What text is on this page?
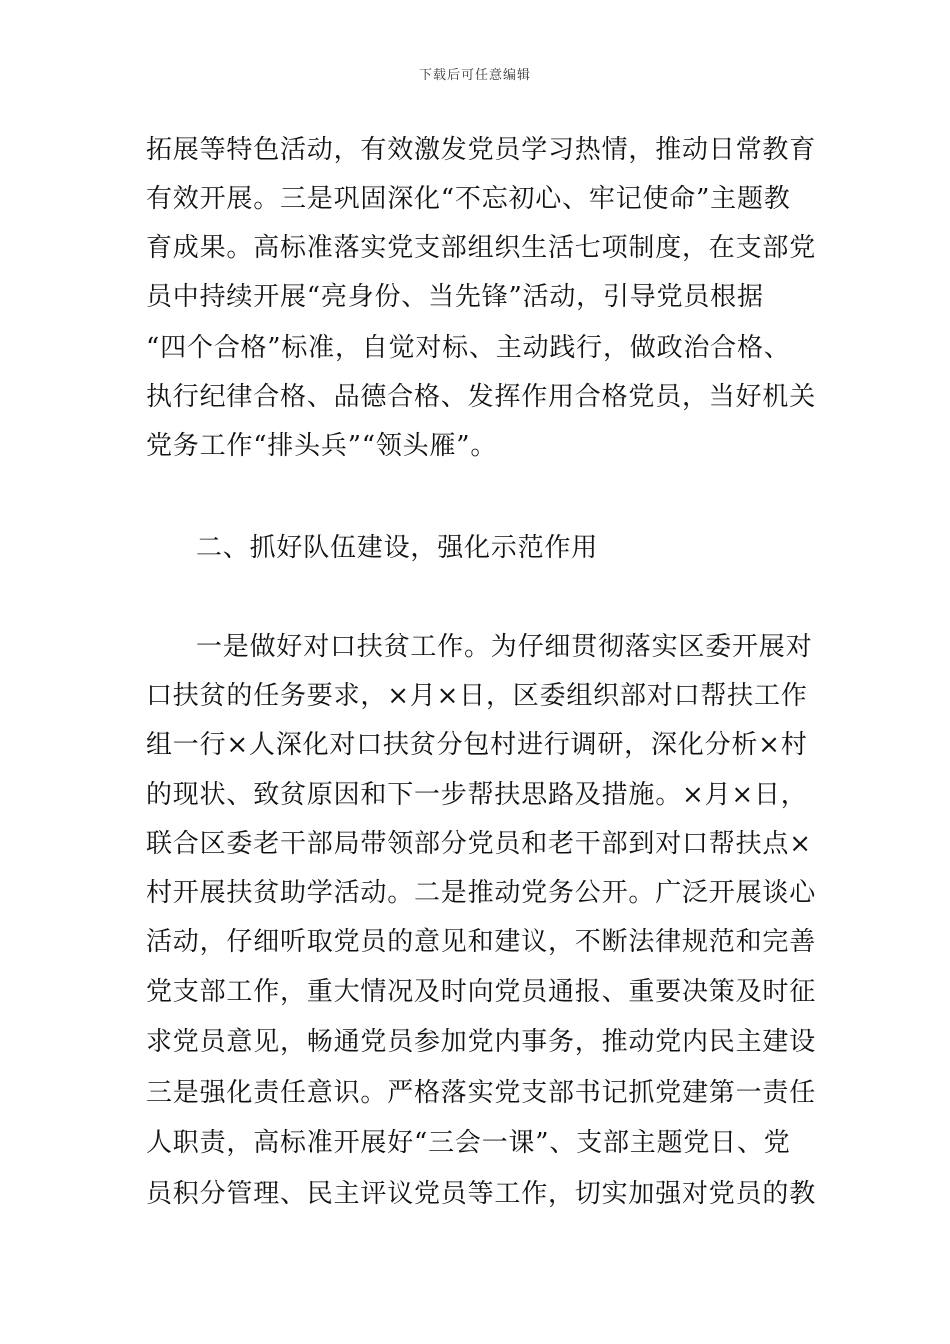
下载后可任意编辑
拓展等特色活动，有效激发党员学习热情，推动日常教育
有效开展。三是巩固深化“不忘初心、牢记使命”主题教
育成果。高标准落实党支部组织生活七项制度，在支部党
员中持续开展“亮身份、当先锋”活动，引导党员根据
“四个合格”标准，自觉对标、主动践行，做政治合格、
执行纪律合格、品德合格、发挥作用合格党员，当好机关
党务工作“排头兵”“领头雁”。
二、抓好队伍建设，强化示范作用
一是做好对口扶贫工作。为仔细贯彻落实区委开展对
口扶贫的任务要求，×月×日，区委组织部对口帮扶工作
组一行×人深化对口扶贫分包村进行调研，深化分析×村
的现状、致贫原因和下一步帮扶思路及措施。×月×日，
联合区委老干部局带领部分党员和老干部到对口帮扶点×
村开展扶贫助学活动。二是推动党务公开。广泛开展谈心
活动，仔细听取党员的意见和建议，不断法律规范和完善
党支部工作，重大情况及时向党员通报、重要决策及时征
求党员意见，畅通党员参加党内事务，推动党内民主建设
三是强化责任意识。严格落实党支部书记抓党建第一责任
人职责，高标准开展好“三会一课”、支部主题党日、党
员积分管理、民主评议党员等工作，切实加强对党员的教
